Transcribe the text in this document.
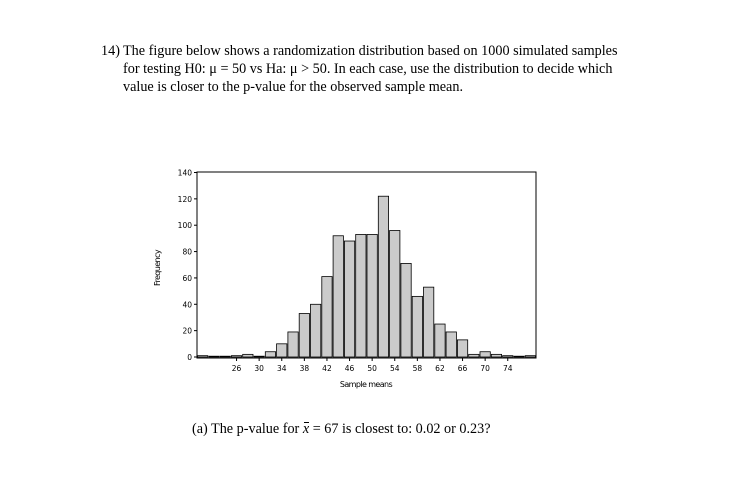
14) The figure below shows a randomization distribution based on 1000 simulated samples
for testing H0: μ = 50 vs Ha: μ > 50. In each case, use the distribution to decide which
value is closer to the p-value for the observed sample mean.
0
20
40
60
80
100
120
140
26 30 34 38 42 46 50 54 58 62 66 70 74
Sample means
Frequency
(a) The p-value for x = 67 is closest to: 0.02 or 0.23?
